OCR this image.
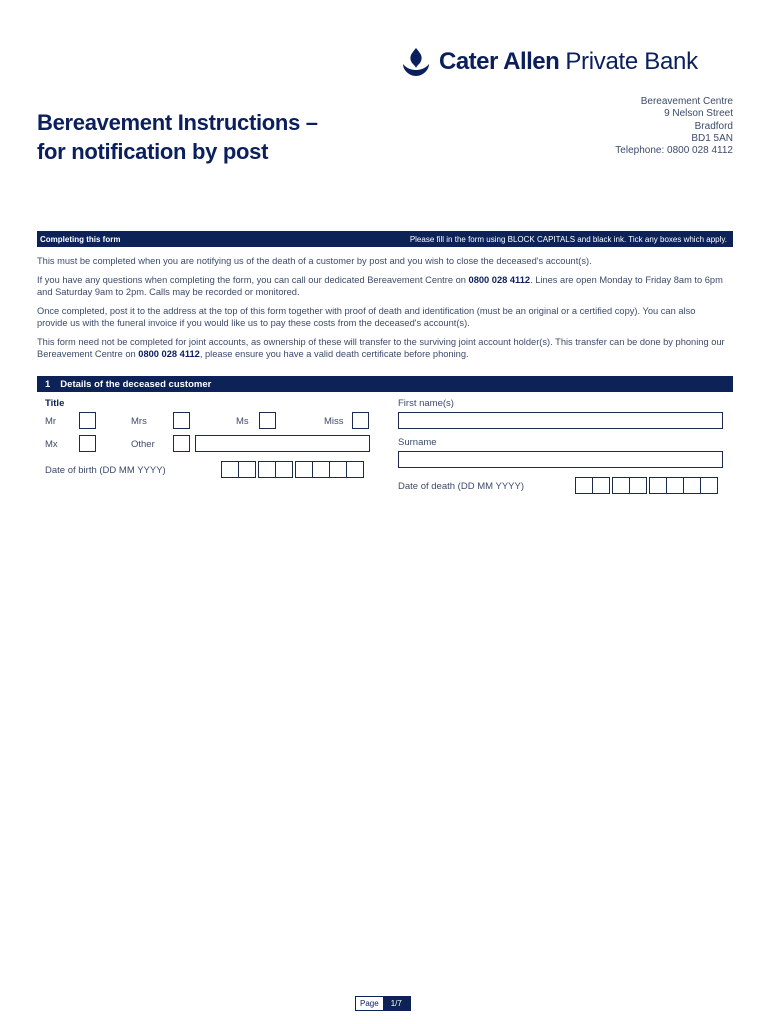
Cater Allen Private Bank
Bereavement Centre
9 Nelson Street
Bradford
BD1 5AN
Telephone: 0800 028 4112
Bereavement Instructions –
for notification by post
Completing this form	Please fill in the form using BLOCK CAPITALS and black ink. Tick any boxes which apply.

This must be completed when you are notifying us of the death of a customer by post and you wish to close the deceased's account(s).

If you have any questions when completing the form, you can call our dedicated Bereavement Centre on 0800 028 4112. Lines are open Monday to Friday 8am to 6pm and Saturday 9am to 2pm. Calls may be recorded or monitored.

Once completed, post it to the address at the top of this form together with proof of death and identification (must be an original or a certified copy). You can also provide us with the funeral invoice if you would like us to pay these costs from the deceased's account(s).

This form need not be completed for joint accounts, as ownership of these will transfer to the surviving joint account holder(s). This transfer can be done by phoning our Bereavement Centre on 0800 028 4112, please ensure you have a valid death certificate before phoning.

1 Details of the deceased customer
Title
Mr	Mrs	Ms	Miss
Mx	Other
Date of birth (DD MM YYYY)
First name(s)
Surname
Date of death (DD MM YYYY)
Page	1/7
